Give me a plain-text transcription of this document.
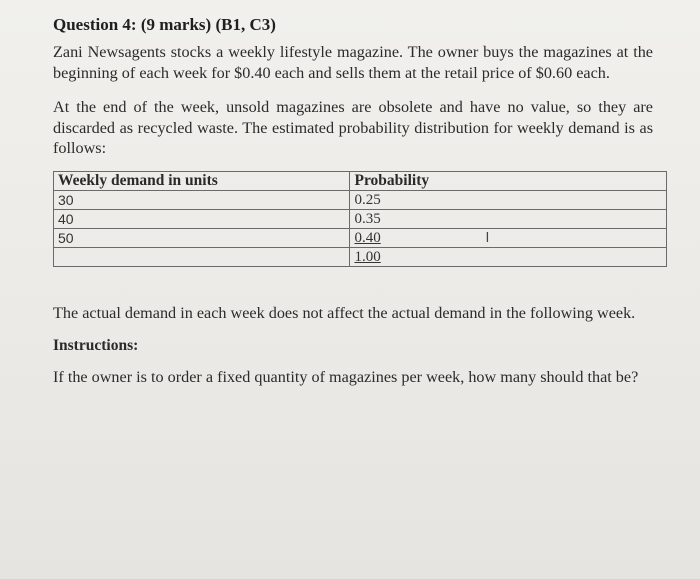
Question 4: (9 marks) (B1, C3)

Zani Newsagents stocks a weekly lifestyle magazine. The owner buys the magazines at the beginning of each week for $0.40 each and sells them at the retail price of $0.60 each.

At the end of the week, unsold magazines are obsolete and have no value, so they are discarded as recycled waste. The estimated probability distribution for weekly demand is as follows:

Weekly demand in units	Probability
30	0.25
40	0.35
50	0.40 I

	1.00

The actual demand in each week does not affect the actual demand in the following week.

Instructions:

If the owner is to order a fixed quantity of magazines per week, how many should that be?
